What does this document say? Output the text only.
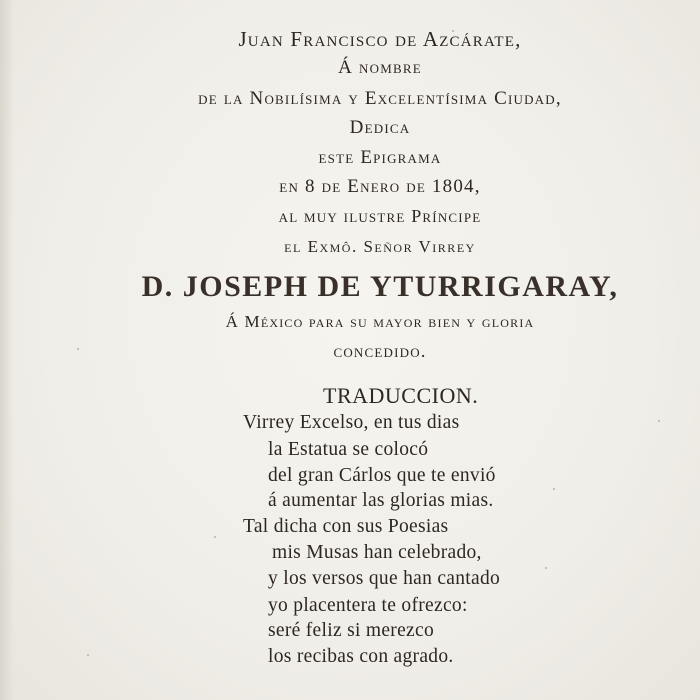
Juan Francisco de Azcárate,
Á nombre
de la Nobilísima y Excelentísima Ciudad,
Dedica
este Epigrama
en 8 de Enero de 1804,
al muy ilustre Príncipe
el Exmô. Señor Virrey
D. JOSEPH DE YTURRIGARAY,
Á México para su mayor bien y gloria
concedido.
TRADUCCION.
Virrey Excelso, en tus dias
la Estatua se colocó
del gran Cárlos que te envió
á aumentar las glorias mias.
Tal dicha con sus Poesias
mis Musas han celebrado,
y los versos que han cantado
yo placentera te ofrezco:
seré feliz si merezco
los recibas con agrado.
